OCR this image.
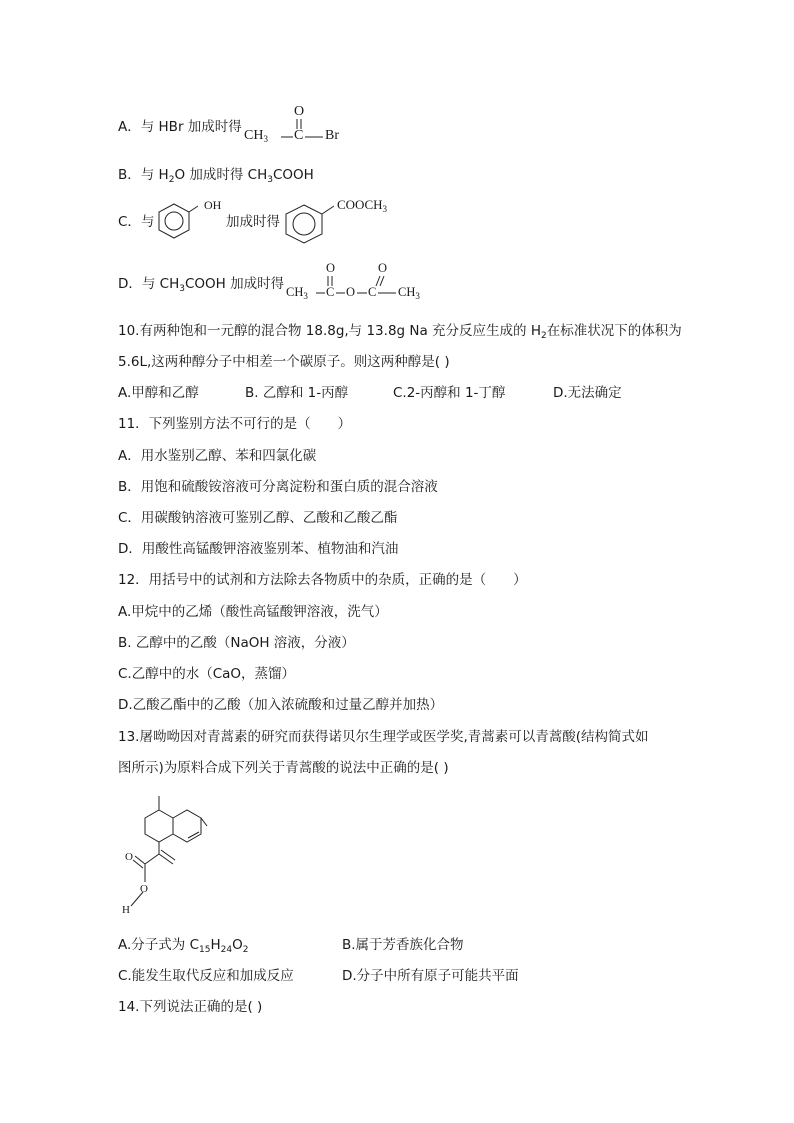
A．与 HBr 加成时得
$CH_3$ C
O
Br
B．与 $H_2O$ 加成时得 $CH_3COOH$
C．与
OH
加成时得
$COOCH_3$
D．与 $CH_3COOH$ 加成时得 $CH_3$ C O C $CH_3$
O	O
10.有两种饱和一元醇的混合物 18.8g,与 13.8g Na 充分反应生成的 $H_2$在标准状况下的体积为
5.6L,这两种醇分子中相差一个碳原子。则这两种醇是( )
A.甲醇和乙醇	B. 乙醇和 1-丙醇	C.2-丙醇和 1-丁醇	D.无法确定
11．下列鉴别方法不可行的是（　　）
A．用水鉴别乙醇、苯和四氯化碳
B．用饱和硫酸铵溶液可分离淀粉和蛋白质的混合溶液
C．用碳酸钠溶液可鉴别乙醇、乙酸和乙酸乙酯
D．用酸性高锰酸钾溶液鉴别苯、植物油和汽油
12．用括号中的试剂和方法除去各物质中的杂质，正确的是（　　）
A.甲烷中的乙烯（酸性高锰酸钾溶液，洗气）
B. 乙醇中的乙酸（NaOH 溶液，分液）
C.乙醇中的水（CaO，蒸馏）
D.乙酸乙酯中的乙酸（加入浓硫酸和过量乙醇并加热）
13.屠呦呦因对青蒿素的研究而获得诺贝尔生理学或医学奖,青蒿素可以青蒿酸(结构简式如
图所示)为原料合成下列关于青蒿酸的说法中正确的是( )
O
O
H
A.分子式为 $C_{15}H_{24}O_2$	B.属于芳香族化合物
C.能发生取代反应和加成反应	D.分子中所有原子可能共平面
14.下列说法正确的是( )
